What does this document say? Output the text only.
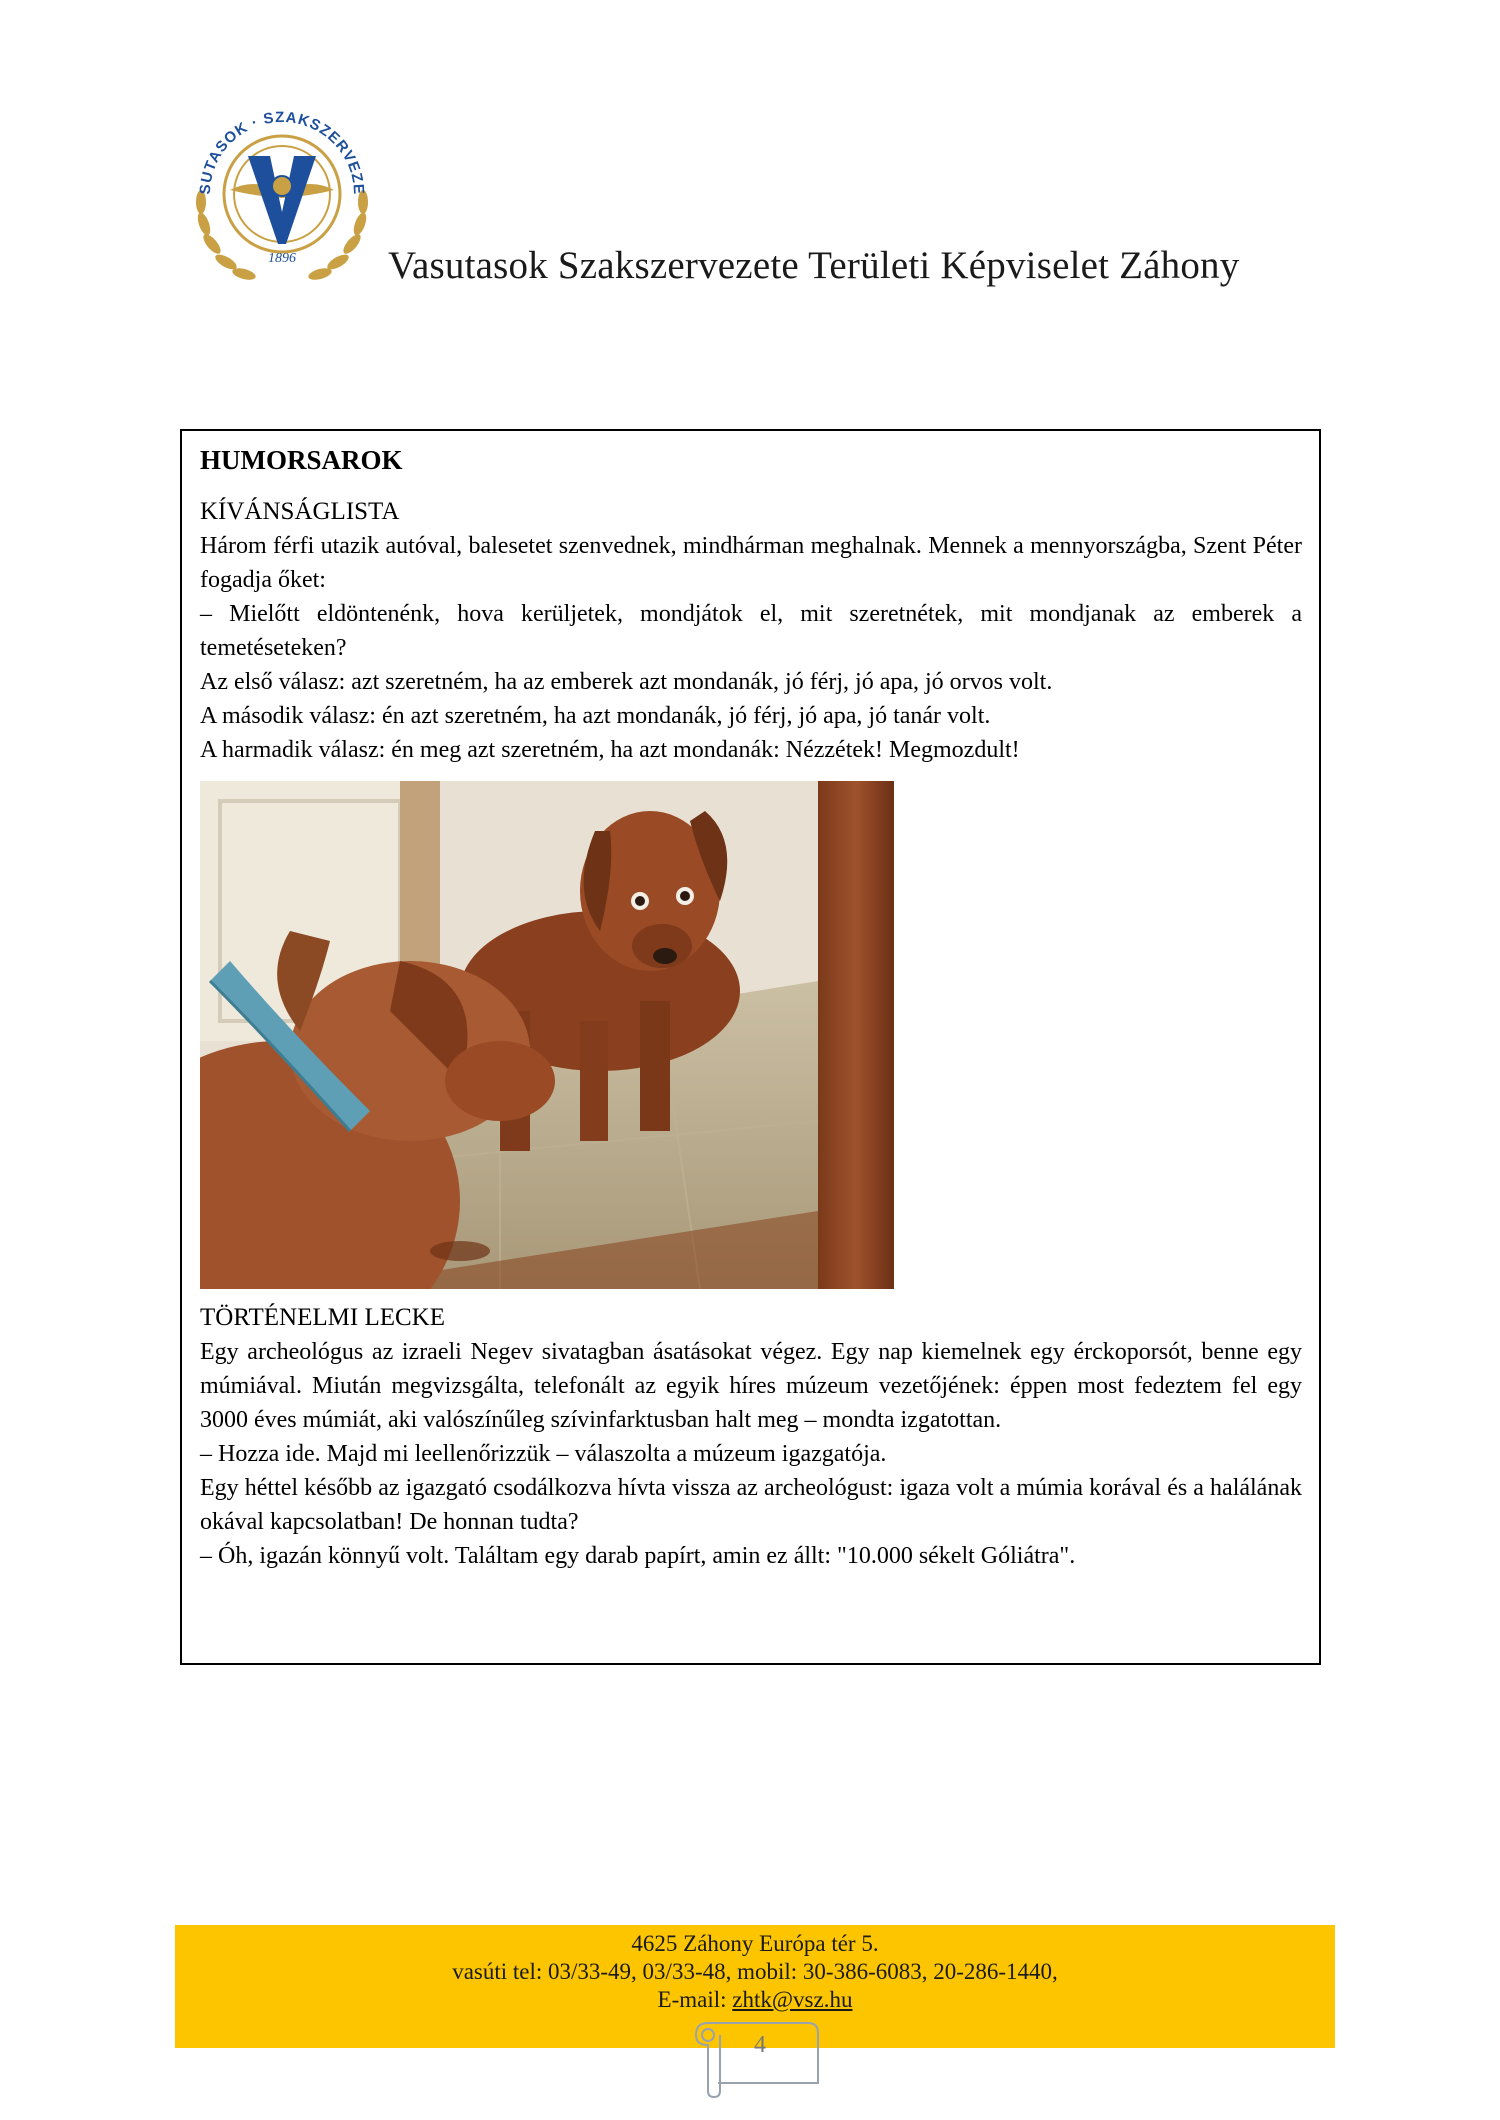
SUTASOK · SZAKSZERVEZE
1896 Vasutasok Szakszervezete Területi Képviselet Záhony

HUMORSAROK

KÍVÁNSÁGLISTA

Három férfi utazik autóval, balesetet szenvednek, mindhárman meghalnak. Mennek a mennyországba, Szent Péter fogadja őket:

– Mielőtt eldöntenénk, hova kerüljetek, mondjátok el, mit szeretnétek, mit mondjanak az emberek a temetéseteken?

Az első válasz: azt szeretném, ha az emberek azt mondanák, jó férj, jó apa, jó orvos volt.

A második válasz: én azt szeretném, ha azt mondanák, jó férj, jó apa, jó tanár volt.

A harmadik válasz: én meg azt szeretném, ha azt mondanák: Nézzétek! Megmozdult!

TÖRTÉNELMI LECKE

Egy archeológus az izraeli Negev sivatagban ásatásokat végez. Egy nap kiemelnek egy érckoporsót, benne egy múmiával. Miután megvizsgálta, telefonált az egyik híres múzeum vezetőjének: éppen most fedeztem fel egy 3000 éves múmiát, aki valószínűleg szívinfarktusban halt meg – mondta izgatottan.

– Hozza ide. Majd mi leellenőrizzük – válaszolta a múzeum igazgatója.

Egy héttel később az igazgató csodálkozva hívta vissza az archeológust: igaza volt a múmia korával és a halálának okával kapcsolatban! De honnan tudta?

– Óh, igazán könnyű volt. Találtam egy darab papírt, amin ez állt: "10.000 sékelt Góliátra".

4625 Záhony Európa tér 5.
vasúti tel: 03/33-49, 03/33-48, mobil: 30-386-6083, 20-286-1440,
E-mail: zhtk@vsz.hu
4
